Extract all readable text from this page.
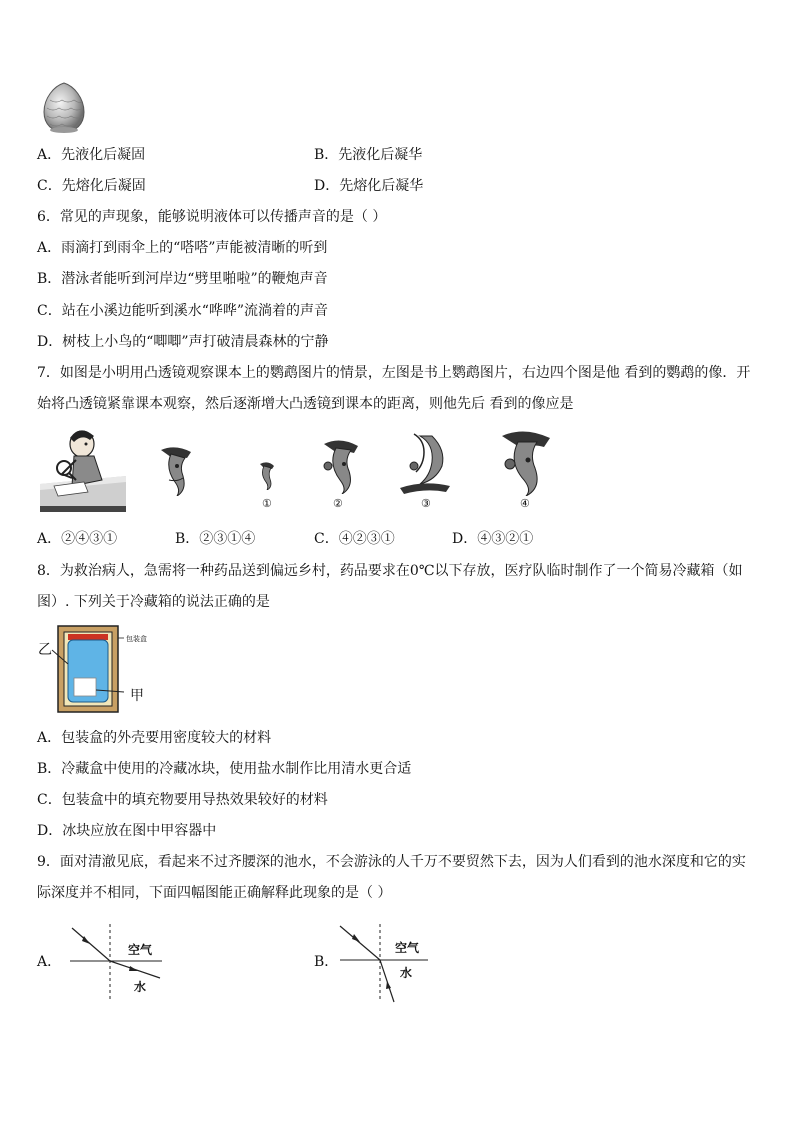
A．先液化后凝固	B．先液化后凝华
C．先熔化后凝固	D．先熔化后凝华
6．常见的声现象，能够说明液体可以传播声音的是（ ）
A．雨滴打到雨伞上的“嗒嗒”声能被清晰的听到
B．潜泳者能听到河岸边“劈里啪啦”的鞭炮声音
C．站在小溪边能听到溪水“哗哗”流淌着的声音
D．树枝上小鸟的“唧唧”声打破清晨森林的宁静
7．如图是小明用凸透镜观察课本上的鹦鹉图片的情景，左图是书上鹦鹉图片，右边四个图是他 看到的鹦鹉的像．开
始将凸透镜紧靠课本观察，然后逐渐增大凸透镜到课本的距离，则他先后 看到的像应是
①	②	③	④
A．②④③①	B．②③①④	C．④②③①	D．④③②①
8．为救治病人，急需将一种药品送到偏远乡村，药品要求在0℃以下存放，医疗队临时制作了一个简易冷藏箱（如
图）. 下列关于冷藏箱的说法正确的是
包装盒
乙
甲
A．包装盒的外壳要用密度较大的材料
B．冷藏盒中使用的冷藏冰块，使用盐水制作比用清水更合适
C．包装盒中的填充物要用导热效果较好的材料
D．冰块应放在图中甲容器中
9．面对清澈见底，看起来不过齐腰深的池水，不会游泳的人千万不要贸然下去，因为人们看到的池水深度和它的实
际深度并不相同，下面四幅图能正确解释此现象的是（ ）
A．
空气
水
B．
空气
水
